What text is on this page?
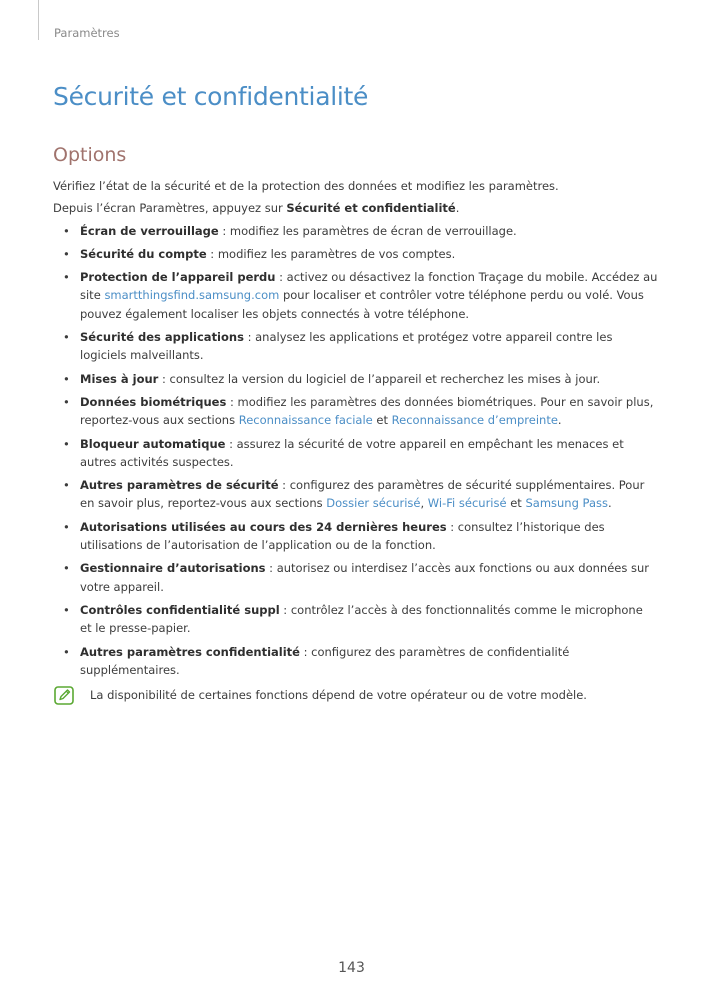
Paramètres
Sécurité et confidentialité
Options

Vérifiez l’état de la sécurité et de la protection des données et modifiez les paramètres.

Depuis l’écran Paramètres, appuyez sur Sécurité et confidentialité.

• Écran de verrouillage : modifiez les paramètres de écran de verrouillage.
• Sécurité du compte : modifiez les paramètres de vos comptes.
• Protection de l’appareil perdu : activez ou désactivez la fonction Traçage du mobile. Accédez au site smartthingsfind.samsung.com pour localiser et contrôler votre téléphone perdu ou volé. Vous pouvez également localiser les objets connectés à votre téléphone.
• Sécurité des applications : analysez les applications et protégez votre appareil contre les logiciels malveillants.
• Mises à jour : consultez la version du logiciel de l’appareil et recherchez les mises à jour.
• Données biométriques : modifiez les paramètres des données biométriques. Pour en savoir plus, reportez-vous aux sections Reconnaissance faciale et Reconnaissance d’empreinte.
• Bloqueur automatique : assurez la sécurité de votre appareil en empêchant les menaces et autres activités suspectes.
• Autres paramètres de sécurité : configurez des paramètres de sécurité supplémentaires. Pour en savoir plus, reportez-vous aux sections Dossier sécurisé, Wi-Fi sécurisé et Samsung Pass.
• Autorisations utilisées au cours des 24 dernières heures : consultez l’historique des utilisations de l’autorisation de l’application ou de la fonction.
• Gestionnaire d’autorisations : autorisez ou interdisez l’accès aux fonctions ou aux données sur votre appareil.
• Contrôles confidentialité suppl : contrôlez l’accès à des fonctionnalités comme le microphone et le presse-papier.
• Autres paramètres confidentialité : configurez des paramètres de confidentialité supplémentaires.
La disponibilité de certaines fonctions dépend de votre opérateur ou de votre modèle.
143
